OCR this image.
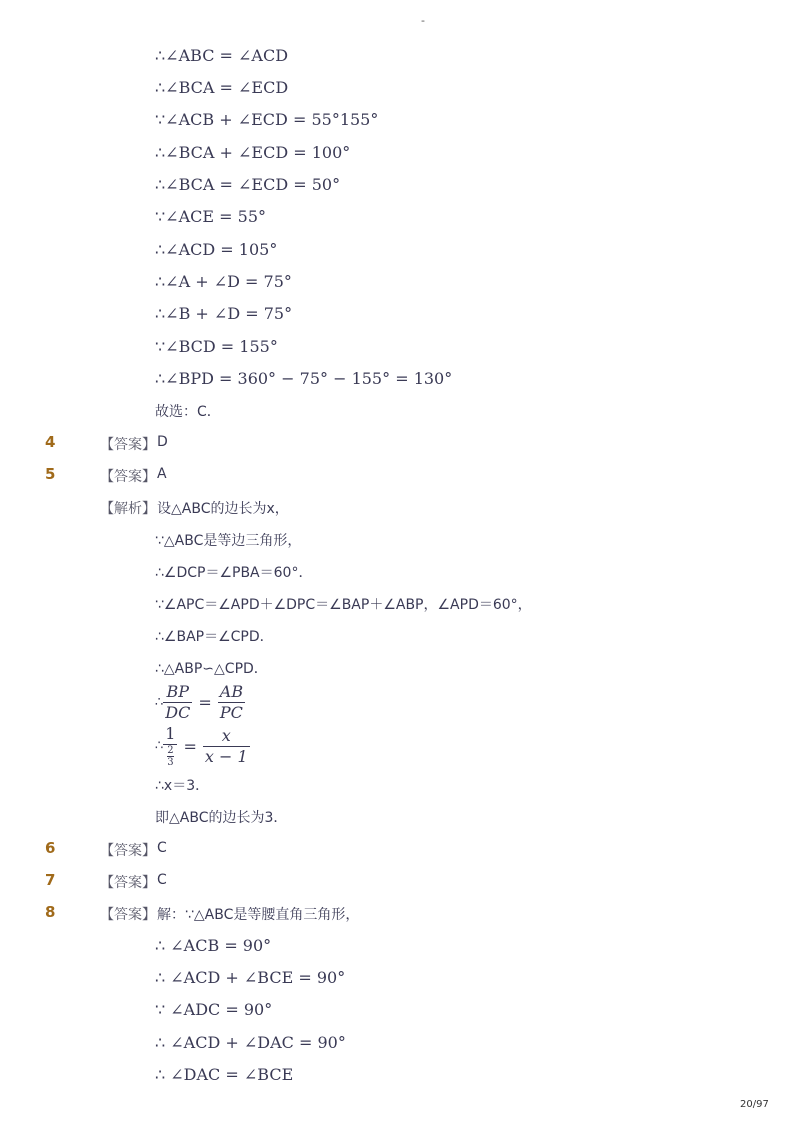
-
∴∠ABC = ∠ACD
∴∠BCA = ∠ECD
∵∠ACB + ∠ECD = 55°155°
∴∠BCA + ∠ECD = 100°
∴∠BCA = ∠ECD = 50°
∵∠ACE = 55°
∴∠ACD = 105°
∴∠A + ∠D = 75°
∴∠B + ∠D = 75°
∵∠BCD = 155°
∴∠BPD = 360° − 75° − 155° = 130°
故选：C．
4	【答案】 D
5	【答案】 A
【解析】 设△ABC的边长为x，
∵△ABC是等边三角形，
∴∠DCP＝∠PBA＝60°．
∵∠APC＝∠APD＋∠DPC＝∠BAP＋∠ABP，∠APD＝60°，
∴∠BAP＝∠CPD．
∴△ABP∽△CPD．
∴ $\frac{BP}{DC} = \frac{AB}{PC}$
∴ $\frac{1}{\frac{2}{3}} = \frac{x}{x - 1}$
∴x＝3．
即△ABC的边长为3．
6	【答案】 C
7	【答案】 C
8	【答案】 解：∵△ABC是等腰直角三角形，
∴ ∠ACB = 90°
∴ ∠ACD + ∠BCE = 90°
∵ ∠ADC = 90°
∴ ∠ACD + ∠DAC = 90°
∴ ∠DAC = ∠BCE
20/97
